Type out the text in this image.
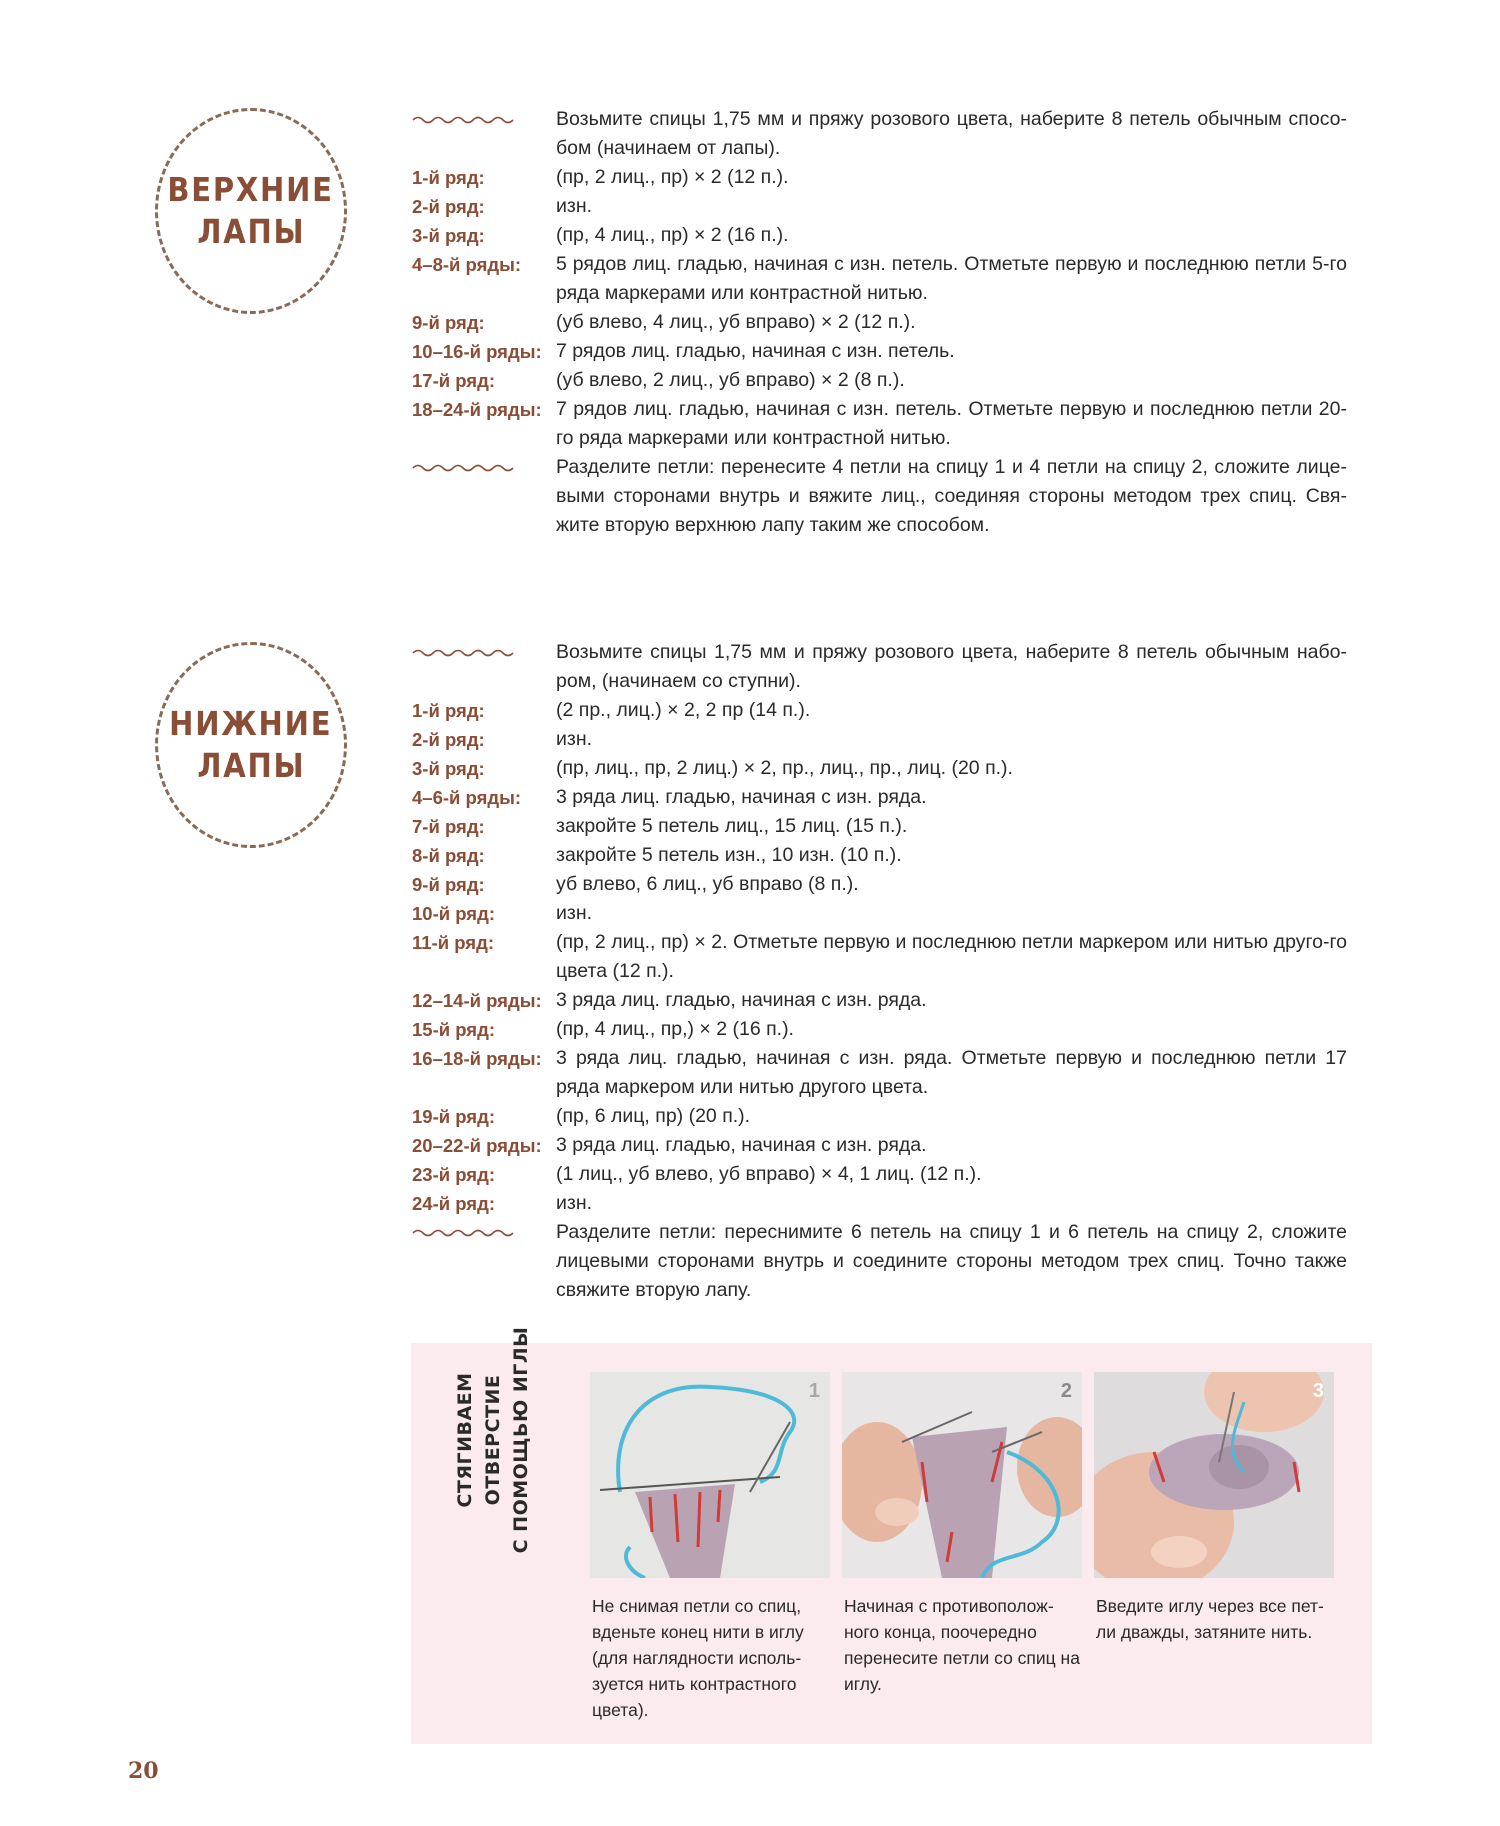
ВЕРХНИЕ
ЛАПЫ
Возьмите спицы 1,75 мм и пряжу розового цвета, наберите 8 петель обычным спосо-бом (начинаем от лапы).
1-й ряд:	(пр, 2 лиц., пр) × 2 (12 п.).
2-й ряд:	изн.
3-й ряд:	(пр, 4 лиц., пр) × 2 (16 п.).
4–8-й ряды:	5 рядов лиц. гладью, начиная с изн. петель. Отметьте первую и последнюю петли 5-го ряда маркерами или контрастной нитью.
9-й ряд:	(уб влево, 4 лиц., уб вправо) × 2 (12 п.).
10–16-й ряды: 7 рядов лиц. гладью, начиная с изн. петель.
17-й ряд:	(уб влево, 2 лиц., уб вправо) × 2 (8 п.).
18–24-й ряды: 7 рядов лиц. гладью, начиная с изн. петель. Отметьте первую и последнюю петли 20-го ряда маркерами или контрастной нитью.
Разделите петли: перенесите 4 петли на спицу 1 и 4 петли на спицу 2, сложите лице-выми сторонами внутрь и вяжите лиц., соединяя стороны методом трех спиц. Свя-жите вторую верхнюю лапу таким же способом.
НИЖНИЕ
ЛАПЫ
Возьмите спицы 1,75 мм и пряжу розового цвета, наберите 8 петель обычным набо-ром, (начинаем со ступни).
1-й ряд:	(2 пр., лиц.) × 2, 2 пр (14 п.).
2-й ряд:	изн.
3-й ряд:	(пр, лиц., пр, 2 лиц.) × 2, пр., лиц., пр., лиц. (20 п.).
4–6-й ряды:	3 ряда лиц. гладью, начиная с изн. ряда.
7-й ряд:	закройте 5 петель лиц., 15 лиц. (15 п.).
8-й ряд:	закройте 5 петель изн., 10 изн. (10 п.).
9-й ряд:	уб влево, 6 лиц., уб вправо (8 п.).
10-й ряд:	изн.
11-й ряд:	(пр, 2 лиц., пр) × 2. Отметьте первую и последнюю петли маркером или нитью друго-го цвета (12 п.).
12–14-й ряды: 3 ряда лиц. гладью, начиная с изн. ряда.
15-й ряд:	(пр, 4 лиц., пр,) × 2 (16 п.).
16–18-й ряды: 3 ряда лиц. гладью, начиная с изн. ряда. Отметьте первую и последнюю петли 17 ряда маркером или нитью другого цвета.
19-й ряд:	(пр, 6 лиц, пр) (20 п.).
20–22-й ряды: 3 ряда лиц. гладью, начиная с изн. ряда.
23-й ряд:	(1 лиц., уб влево, уб вправо) × 4, 1 лиц. (12 п.).
24-й ряд:	изн.
Разделите петли: переснимите 6 петель на спицу 1 и 6 петель на спицу 2, сложите лицевыми сторонами внутрь и соедините стороны методом трех спиц. Точно также свяжите вторую лапу.
СТЯГИВАЕМ ОТВЕРСТИЕ С ПОМОЩЬЮ ИГЛЫ	1
Не снимая петли со спиц, вденьте конец нити в иглу (для наглядности исполь-зуется нить контрастного цвета).
2
Начиная с противополож-ного конца, поочередно перенесите петли со спиц на иглу.
3
Введите иглу через все пет-ли дважды, затяните нить.
20
